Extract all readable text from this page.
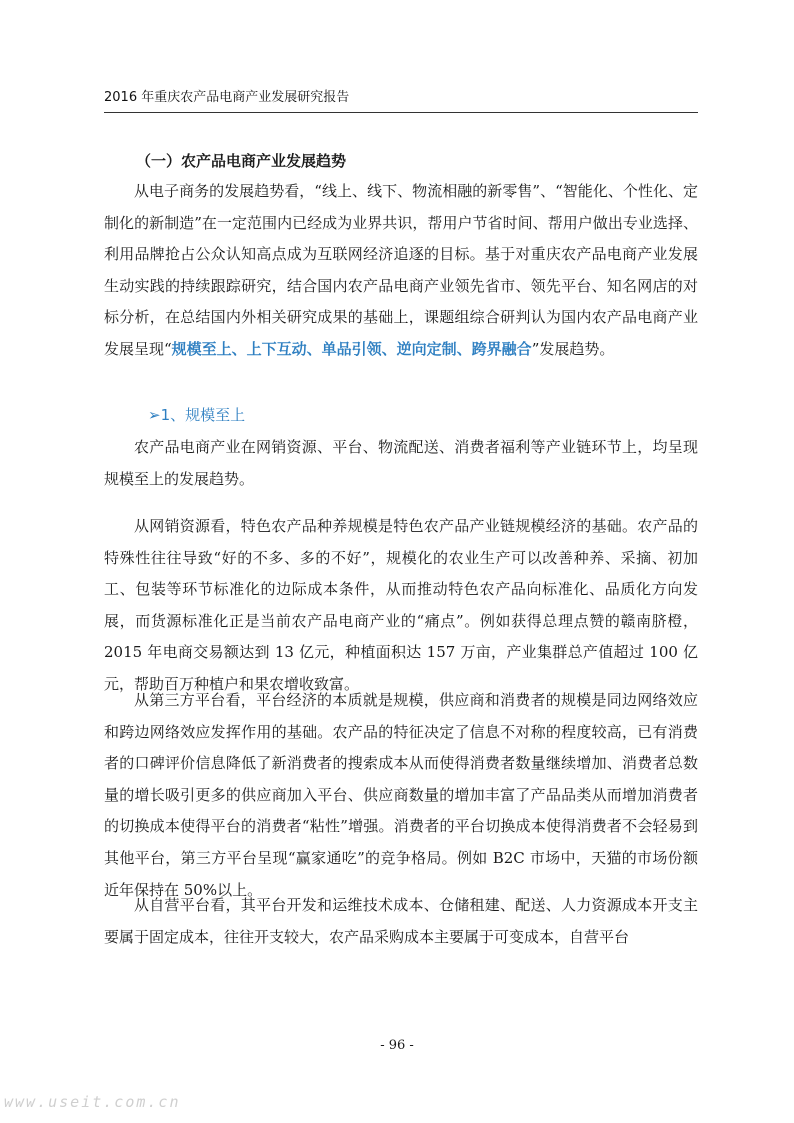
2016 年重庆农产品电商产业发展研究报告
（一）农产品电商产业发展趋势

从电子商务的发展趋势看，“线上、线下、物流相融的新零售”、“智能化、个性化、定制化的新制造”在一定范围内已经成为业界共识，帮用户节省时间、帮用户做出专业选择、利用品牌抢占公众认知高点成为互联网经济追逐的目标。基于对重庆农产品电商产业发展生动实践的持续跟踪研究，结合国内农产品电商产业领先省市、领先平台、知名网店的对标分析，在总结国内外相关研究成果的基础上，课题组综合研判认为国内农产品电商产业发展呈现“规模至上、上下互动、单品引领、逆向定制、跨界融合”发展趋势。

➢1、规模至上

农产品电商产业在网销资源、平台、物流配送、消费者福利等产业链环节上，均呈现规模至上的发展趋势。

从网销资源看，特色农产品种养规模是特色农产品产业链规模经济的基础。农产品的特殊性往往导致“好的不多、多的不好”，规模化的农业生产可以改善种养、采摘、初加工、包装等环节标准化的边际成本条件，从而推动特色农产品向标准化、品质化方向发展，而货源标准化正是当前农产品电商产业的“痛点”。例如获得总理点赞的赣南脐橙，2015 年电商交易额达到 13 亿元，种植面积达 157 万亩，产业集群总产值超过 100 亿元，帮助百万种植户和果农增收致富。

从第三方平台看，平台经济的本质就是规模，供应商和消费者的规模是同边网络效应和跨边网络效应发挥作用的基础。农产品的特征决定了信息不对称的程度较高，已有消费者的口碑评价信息降低了新消费者的搜索成本从而使得消费者数量继续增加、消费者总数量的增长吸引更多的供应商加入平台、供应商数量的增加丰富了产品品类从而增加消费者的切换成本使得平台的消费者“粘性”增强。消费者的平台切换成本使得消费者不会轻易到其他平台，第三方平台呈现“赢家通吃”的竞争格局。例如 B2C 市场中，天猫的市场份额近年保持在 50%以上。

从自营平台看，其平台开发和运维技术成本、仓储租建、配送、人力资源成本开支主要属于固定成本，往往开支较大，农产品采购成本主要属于可变成本，自营平台

- 96 -
www.useit.com.cn
